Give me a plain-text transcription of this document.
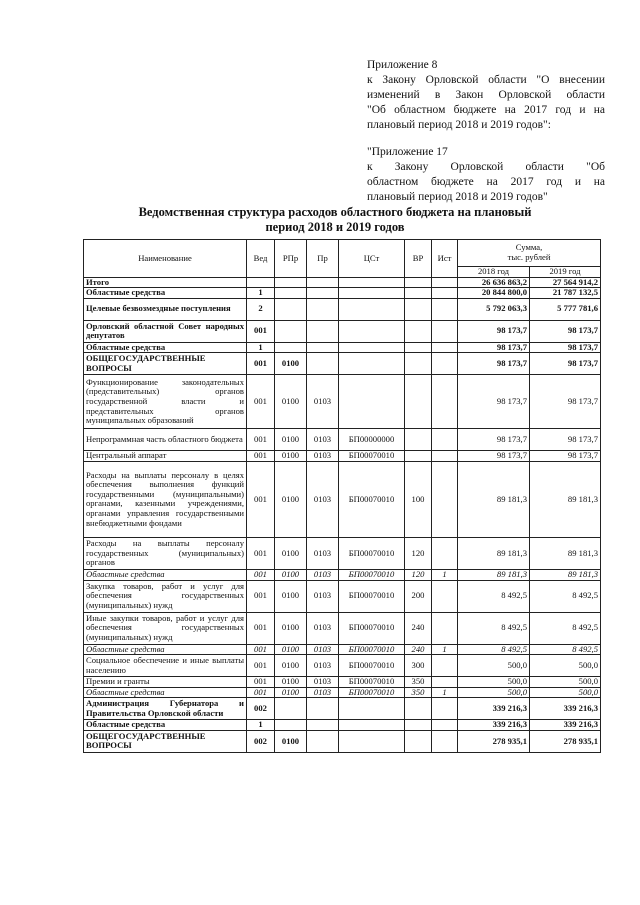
Приложение 8

к Закону Орловской области "О внесении

изменений в Закон Орловской области

"Об областном бюджете на 2017 год и на

плановый период 2018 и 2019 годов":

"Приложение 17

к Закону Орловской области "Об

областном бюджете на 2017 год и на

плановый период 2018 и 2019 годов"

Ведомственная структура расходов областного бюджета на плановый
период 2018 и 2019 годов
Наименование	Вед	РПр	Пр	ЦСт	ВР	Ист	Сумма,
тыс. рублей	

							2018 год	2019 год
Итого							26 636 863,2	27 564 914,2
Областные средства	1						20 844 800,0	21 787 132,5
Целевые безвозмездные поступления	2						5 792 063,3	5 777 781,6
Орловский областной Совет народных депутатов	001						98 173,7	98 173,7
Областные средства	1						98 173,7	98 173,7
ОБЩЕГОСУДАРСТВЕННЫЕ ВОПРОСЫ	001	0100					98 173,7	98 173,7
Функционирование законодательных (представительных) органов государственной власти и представительных органов муниципальных образований	001	0100	0103				98 173,7	98 173,7
Непрограммная часть областного бюджета	001	0100	0103	БП00000000			98 173,7	98 173,7
Центральный аппарат	001	0100	0103	БП00070010			98 173,7	98 173,7
Расходы на выплаты персоналу в целях обеспечения выполнения функций государственными (муниципальными) органами, казенными учреждениями, органами управления государственными внебюджетными фондами	001	0100	0103	БП00070010	100		89 181,3	89 181,3
Расходы на выплаты персоналу государственных (муниципальных) органов	001	0100	0103	БП00070010	120		89 181,3	89 181,3
Областные средства	001	0100	0103	БП00070010	120	1	89 181,3	89 181,3
Закупка товаров, работ и услуг для обеспечения государственных (муниципальных) нужд	001	0100	0103	БП00070010	200		8 492,5	8 492,5
Иные закупки товаров, работ и услуг для обеспечения государственных (муниципальных) нужд	001	0100	0103	БП00070010	240		8 492,5	8 492,5
Областные средства	001	0100	0103	БП00070010	240	1	8 492,5	8 492,5
Социальное обеспечение и иные выплаты населению	001	0100	0103	БП00070010	300		500,0	500,0
Премии и гранты	001	0100	0103	БП00070010	350		500,0	500,0
Областные средства	001	0100	0103	БП00070010	350	1	500,0	500,0
Администрация Губернатора и Правительства Орловской области	002						339 216,3	339 216,3
Областные средства	1						339 216,3	339 216,3
ОБЩЕГОСУДАРСТВЕННЫЕ ВОПРОСЫ	002	0100					278 935,1	278 935,1
